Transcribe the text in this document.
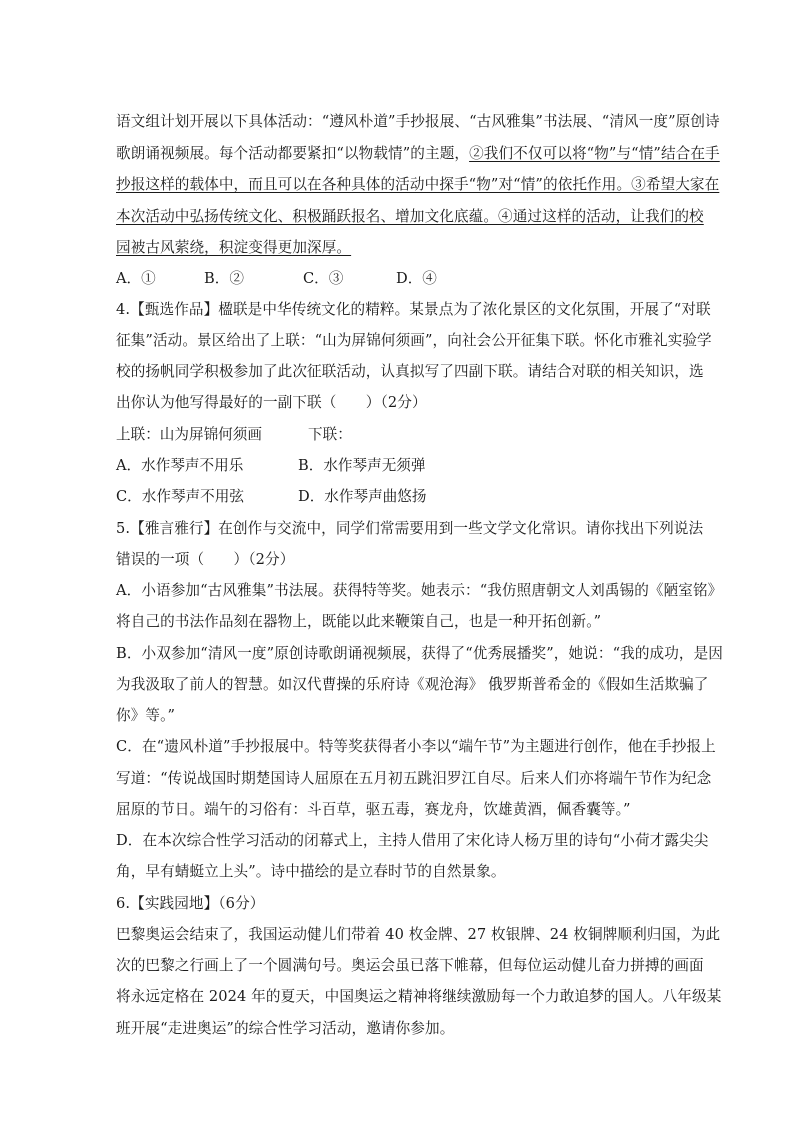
语文组计划开展以下具体活动：“遵风朴道”手抄报展、“古风雅集”书法展、“清风一度”原创诗
歌朗诵视频展。每个活动都要紧扣“以物载情”的主题，②我们不仅可以将“物”与“情”结合在手
抄报这样的载体中，而且可以在各种具体的活动中探手“物”对“情”的依托作用。③希望大家在
本次活动中弘扬传统文化、积极踊跃报名、增加文化底蕴。④通过这样的活动，让我们的校
园被古风萦绕，积淀变得更加深厚。
A．①	B．②	C．③	D．④
4.【甄选作品】楹联是中华传统文化的精粹。某景点为了浓化景区的文化氛围，开展了“对联
征集”活动。景区给出了上联：“山为屏锦何须画”，向社会公开征集下联。怀化市雅礼实验学
校的扬帆同学积极参加了此次征联活动，认真拟写了四副下联。请结合对联的相关知识，选
出你认为他写得最好的一副下联（　　）（2分）
上联：山为屏锦何须画	下联：
A．水作琴声不用乐	B．水作琴声无须弹
C．水作琴声不用弦	D．水作琴声曲悠扬
5.【雅言雅行】在创作与交流中，同学们常需要用到一些文学文化常识。请你找出下列说法
错误的一项（　　）（2分）
A．小语参加“古风雅集”书法展。获得特等奖。她表示：“我仿照唐朝文人刘禹锡的《陋室铭》
将自己的书法作品刻在器物上，既能以此来鞭策自己，也是一种开拓创新。”
B．小双参加“清风一度”原创诗歌朗诵视频展，获得了“优秀展播奖”，她说：“我的成功，是因
为我汲取了前人的智慧。如汉代曹操的乐府诗《观沧海》 俄罗斯普希金的《假如生活欺骗了
你》等。”
C．在“遗风朴道”手抄报展中。特等奖获得者小李以“端午节”为主题进行创作，他在手抄报上
写道：“传说战国时期楚国诗人屈原在五月初五跳汨罗江自尽。后来人们亦将端午节作为纪念
屈原的节日。端午的习俗有：斗百草，驱五毒，赛龙舟，饮雄黄酒，佩香囊等。”
D．在本次综合性学习活动的闭幕式上，主持人借用了宋化诗人杨万里的诗句“小荷才露尖尖
角，早有蜻蜓立上头”。诗中描绘的是立春时节的自然景象。
6.【实践园地】（6分）
巴黎奥运会结束了，我国运动健儿们带着 40 枚金牌、27 枚银牌、24 枚铜牌顺利归国，为此
次的巴黎之行画上了一个圆满句号。奥运会虽已落下帷幕，但每位运动健儿奋力拼搏的画面
将永远定格在 2024 年的夏天，中国奥运之精神将继续激励每一个力敢追梦的国人。八年级某
班开展“走进奥运”的综合性学习活动，邀请你参加。
